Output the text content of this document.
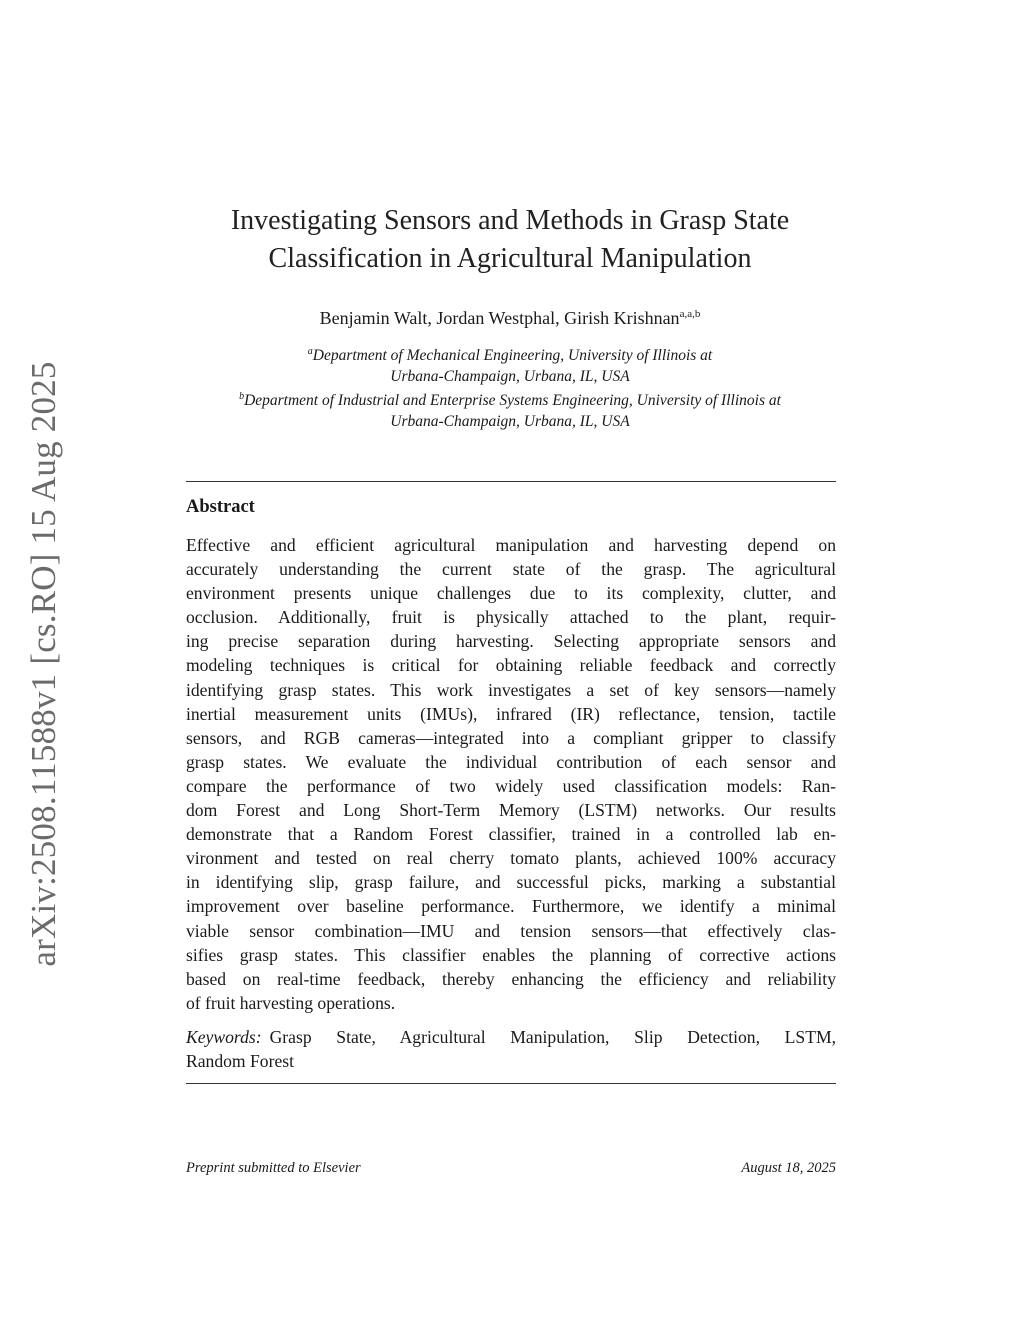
arXiv:2508.11588v1 [cs.RO] 15 Aug 2025
Investigating Sensors and Methods in Grasp State
Classification in Agricultural Manipulation
Benjamin Walt, Jordan Westphal, Girish Krishnan$^{a,a,b}$
$^a$Department of Mechanical Engineering, University of Illinois at
Urbana-Champaign, Urbana, IL, USA
$^b$Department of Industrial and Enterprise Systems Engineering, University of Illinois at
Urbana-Champaign, Urbana, IL, USA
Abstract
Effective and efficient agricultural manipulation and harvesting depend on
accurately understanding the current state of the grasp. The agricultural
environment presents unique challenges due to its complexity, clutter, and
occlusion. Additionally, fruit is physically attached to the plant, requir-
ing precise separation during harvesting. Selecting appropriate sensors and
modeling techniques is critical for obtaining reliable feedback and correctly
identifying grasp states. This work investigates a set of key sensors—namely
inertial measurement units (IMUs), infrared (IR) reflectance, tension, tactile
sensors, and RGB cameras—integrated into a compliant gripper to classify
grasp states. We evaluate the individual contribution of each sensor and
compare the performance of two widely used classification models: Ran-
dom Forest and Long Short-Term Memory (LSTM) networks. Our results
demonstrate that a Random Forest classifier, trained in a controlled lab en-
vironment and tested on real cherry tomato plants, achieved 100% accuracy
in identifying slip, grasp failure, and successful picks, marking a substantial
improvement over baseline performance. Furthermore, we identify a minimal
viable sensor combination—IMU and tension sensors—that effectively clas-
sifies grasp states. This classifier enables the planning of corrective actions
based on real-time feedback, thereby enhancing the efficiency and reliability
of fruit harvesting operations.
Keywords: Grasp State, Agricultural Manipulation, Slip Detection, LSTM,
Random Forest
Preprint submitted to Elsevier	August 18, 2025
